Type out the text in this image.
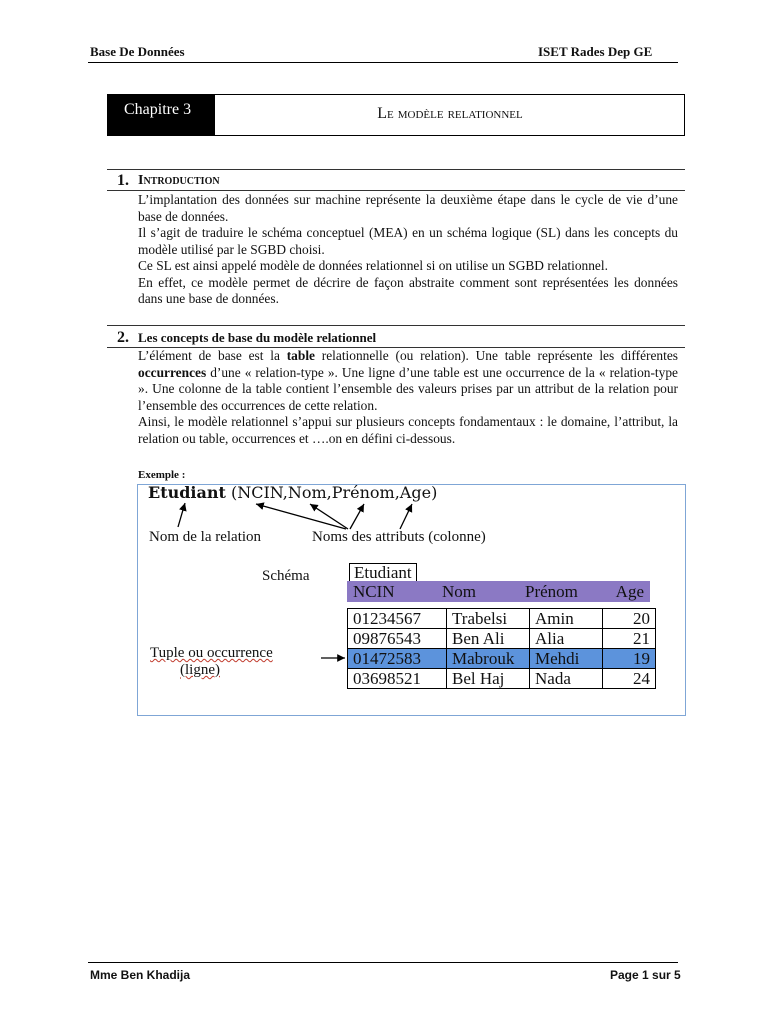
Base De Données	ISET Rades Dep GE
Chapitre 3	Le modèle relationnel
1. Introduction

L’implantation des données sur machine représente la deuxième étape dans le cycle de vie d’une base de données.

Il s’agit de traduire le schéma conceptuel (MEA) en un schéma logique (SL) dans les concepts du modèle utilisé par le SGBD choisi.

Ce SL est ainsi appelé modèle de données relationnel si on utilise un SGBD relationnel.

En effet, ce modèle permet de décrire de façon abstraite comment sont représentées les données dans une base de données.

2. Les concepts de base du modèle relationnel

L’élément de base est la table relationnelle (ou relation). Une table représente les différentes occurrences d’une « relation-type ». Une ligne d’une table est une occurrence de la « relation-type ». Une colonne de la table contient l’ensemble des valeurs prises par un attribut de la relation pour l’ensemble des occurrences de cette relation.

Ainsi, le modèle relationnel s’appui sur plusieurs concepts fondamentaux : le domaine, l’attribut, la relation ou table, occurrences et ….on en défini ci-dessous.

Exemple :
Etudiant (NCIN,Nom,Prénom,Age)
Nom de la relation	Noms des attributs (colonne)
Schéma
Tuple ou occurrence
(ligne)
Etudiant
NCIN	Nom	Prénom	Age
01234567	Trabelsi	Amin	20
09876543	Ben Ali	Alia	21
01472583	Mabrouk	Mehdi	19
03698521	Bel Haj	Nada	24
Mme Ben Khadija	Page 1 sur 5
